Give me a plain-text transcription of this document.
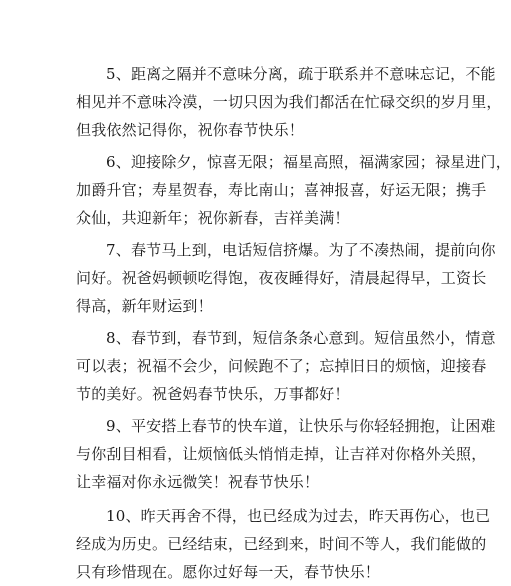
5、距离之隔并不意味分离，疏于联系并不意味忘记，不能
相见并不意味冷漠，一切只因为我们都活在忙碌交织的岁月里，
但我依然记得你，祝你春节快乐！
6、迎接除夕，惊喜无限；福星高照，福满家园；禄星进门，
加爵升官；寿星贺春，寿比南山；喜神报喜，好运无限；携手
众仙，共迎新年；祝你新春，吉祥美满！
7、春节马上到，电话短信挤爆。为了不凑热闹，提前向你
问好。祝爸妈顿顿吃得饱，夜夜睡得好，清晨起得早，工资长
得高，新年财运到！
8、春节到，春节到，短信条条心意到。短信虽然小，情意
可以表；祝福不会少，问候跑不了；忘掉旧日的烦恼，迎接春
节的美好。祝爸妈春节快乐，万事都好！
9、平安搭上春节的快车道，让快乐与你轻轻拥抱，让困难
与你刮目相看，让烦恼低头悄悄走掉，让吉祥对你格外关照，
让幸福对你永远微笑！祝春节快乐！
10、昨天再舍不得，也已经成为过去，昨天再伤心，也已
经成为历史。已经结束，已经到来，时间不等人，我们能做的
只有珍惜现在。愿你过好每一天，春节快乐！
